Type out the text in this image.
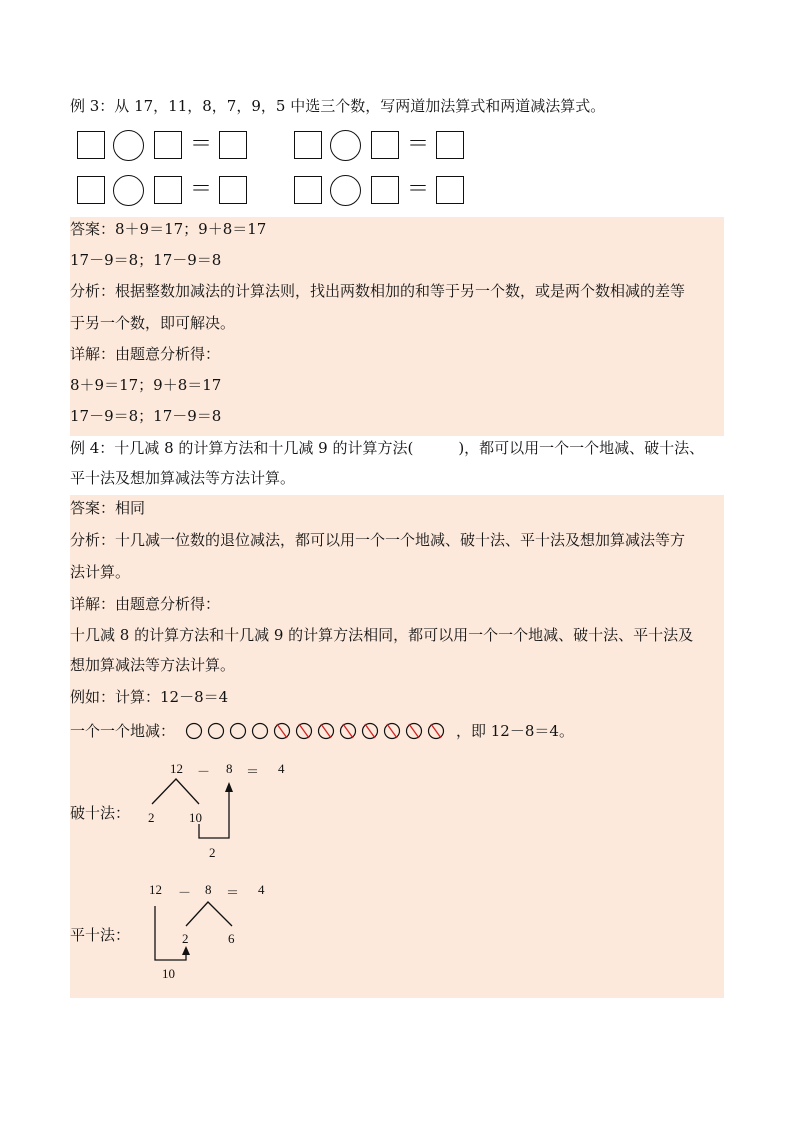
例 3：从 17，11，8，7，9，5 中选三个数，写两道加法算式和两道减法算式。
＝	＝
＝	＝
答案：8＋9＝17；9＋8＝17
17－9＝8；17－9＝8
分析：根据整数加减法的计算法则，找出两数相加的和等于另一个数，或是两个数相减的差等
于另一个数，即可解决。
详解：由题意分析得：
8＋9＝17；9＋8＝17
17－9＝8；17－9＝8
例 4：十几减 8 的计算方法和十几减 9 的计算方法(　　　)，都可以用一个一个地减、破十法、
平十法及想加算减法等方法计算。
答案：相同
分析：十几减一位数的退位减法，都可以用一个一个地减、破十法、平十法及想加算减法等方
法计算。
详解：由题意分析得：
十几减 8 的计算方法和十几减 9 的计算方法相同，都可以用一个一个地减、破十法、平十法及
想加算减法等方法计算。
例如：计算：12－8＝4
一个一个地减：	，即 12－8＝4。
破十法：
12 － 8 ＝ 4
2	10
2
平十法：
12 － 8 ＝ 4
2	6
10
